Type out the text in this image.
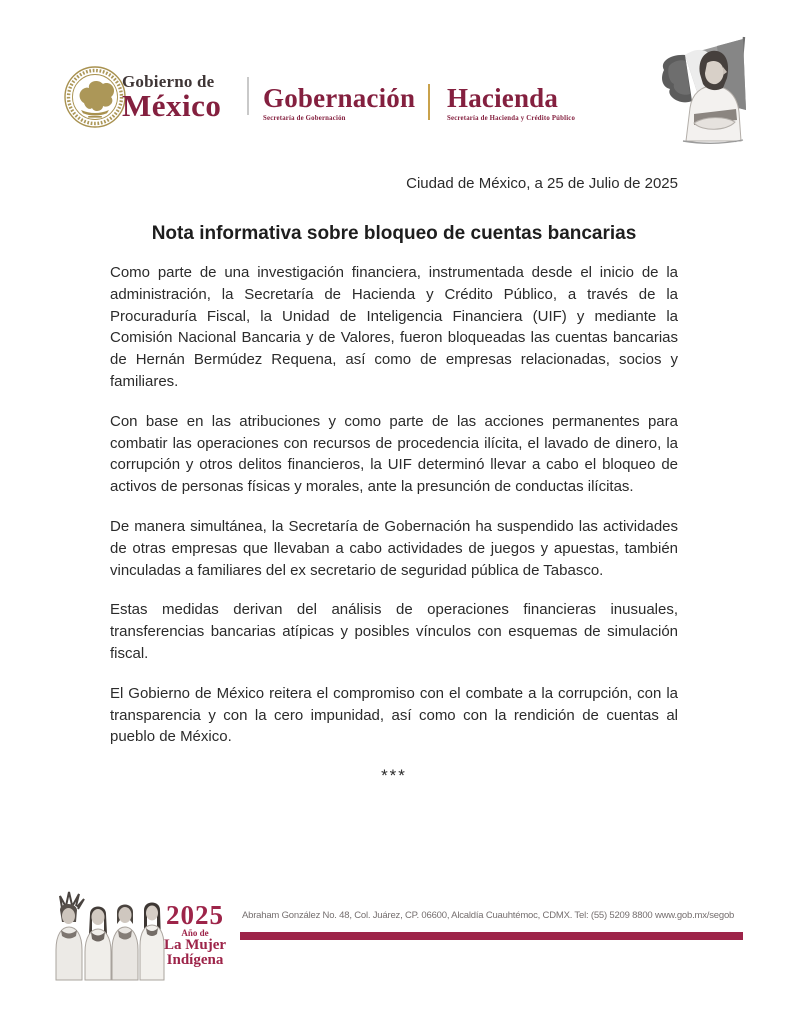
Gobierno de
México Gobernación
Secretaría de Gobernación
Hacienda
Secretaría de Hacienda y Crédito Público
Ciudad de México, a 25 de Julio de 2025
Nota informativa sobre bloqueo de cuentas bancarias

Como parte de una investigación financiera, instrumentada desde el inicio de la administración, la Secretaría de Hacienda y Crédito Público, a través de la Procuraduría Fiscal, la Unidad de Inteligencia Financiera (UIF) y mediante la Comisión Nacional Bancaria y de Valores, fueron bloqueadas las cuentas bancarias de Hernán Bermúdez Requena, así como de empresas relacionadas, socios y familiares.

Con base en las atribuciones y como parte de las acciones permanentes para combatir las operaciones con recursos de procedencia ilícita, el lavado de dinero, la corrupción y otros delitos financieros, la UIF determinó llevar a cabo el bloqueo de activos de personas físicas y morales, ante la presunción de conductas ilícitas.

De manera simultánea, la Secretaría de Gobernación ha suspendido las actividades de otras empresas que llevaban a cabo actividades de juegos y apuestas, también vinculadas a familiares del ex secretario de seguridad pública de Tabasco.

Estas medidas derivan del análisis de operaciones financieras inusuales, transferencias bancarias atípicas y posibles vínculos con esquemas de simulación fiscal.

El Gobierno de México reitera el compromiso con el combate a la corrupción, con la transparencia y con la cero impunidad, así como con la rendición de cuentas al pueblo de México.

***
2025
Año de
La Mujer
Indígena
Abraham González No. 48, Col. Juárez, CP. 06600, Alcaldía Cuauhtémoc, CDMX. Tel: (55) 5209 8800 www.gob.mx/segob
